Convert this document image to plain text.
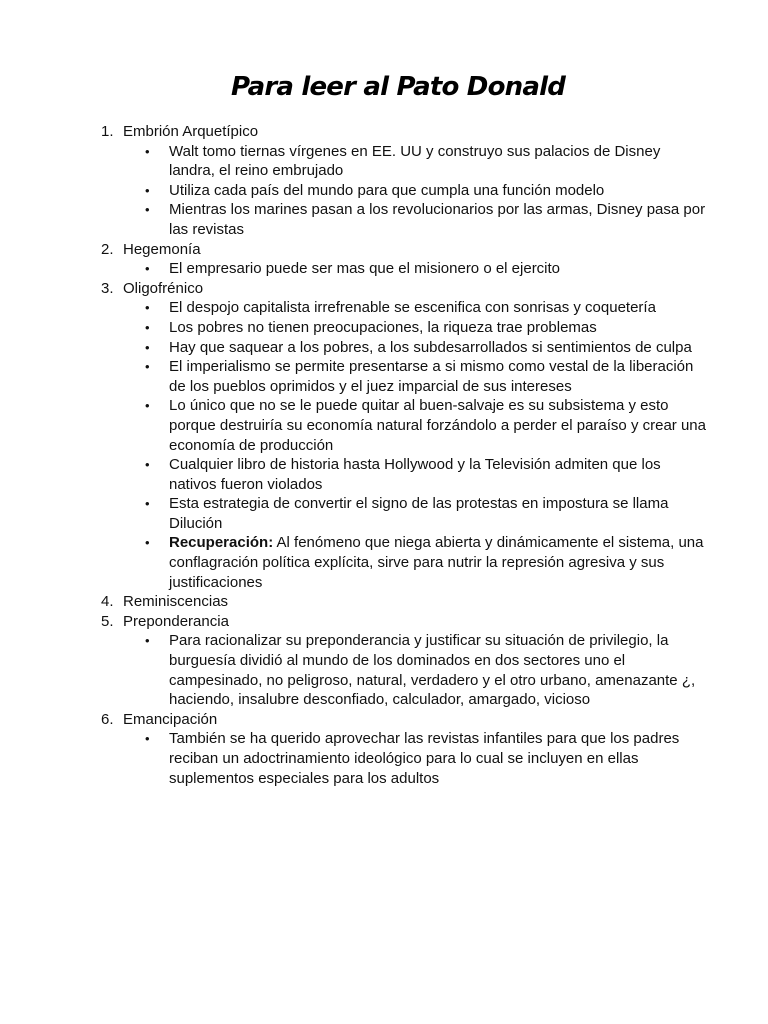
Para leer al Pato Donald
1. Embrión Arquetípico
• Walt tomo tiernas vírgenes en EE. UU y construyo sus palacios de Disney landra, el reino embrujado
• Utiliza cada país del mundo para que cumpla una función modelo
• Mientras los marines pasan a los revolucionarios por las armas, Disney pasa por las revistas
2. Hegemonía
• El empresario puede ser mas que el misionero o el ejercito
3. Oligofrénico
• El despojo capitalista irrefrenable se escenifica con sonrisas y coquetería
• Los pobres no tienen preocupaciones, la riqueza trae problemas
• Hay que saquear a los pobres, a los subdesarrollados si sentimientos de culpa
• El imperialismo se permite presentarse a si mismo como vestal de la liberación de los pueblos oprimidos y el juez imparcial de sus intereses
• Lo único que no se le puede quitar al buen-salvaje es su subsistema y esto porque destruiría su economía natural forzándolo a perder el paraíso y crear una economía de producción
• Cualquier libro de historia hasta Hollywood y la Televisión admiten que los nativos fueron violados
• Esta estrategia de convertir el signo de las protestas en impostura se llama Dilución
• Recuperación: Al fenómeno que niega abierta y dinámicamente el sistema, una conflagración política explícita, sirve para nutrir la represión agresiva y sus justificaciones
4. Reminiscencias
5. Preponderancia
• Para racionalizar su preponderancia y justificar su situación de privilegio, la burguesía dividió al mundo de los dominados en dos sectores uno el campesinado, no peligroso, natural, verdadero y el otro urbano, amenazante ¿, haciendo, insalubre desconfiado, calculador, amargado, vicioso
6. Emancipación
• También se ha querido aprovechar las revistas infantiles para que los padres reciban un adoctrinamiento ideológico para lo cual se incluyen en ellas suplementos especiales para los adultos
